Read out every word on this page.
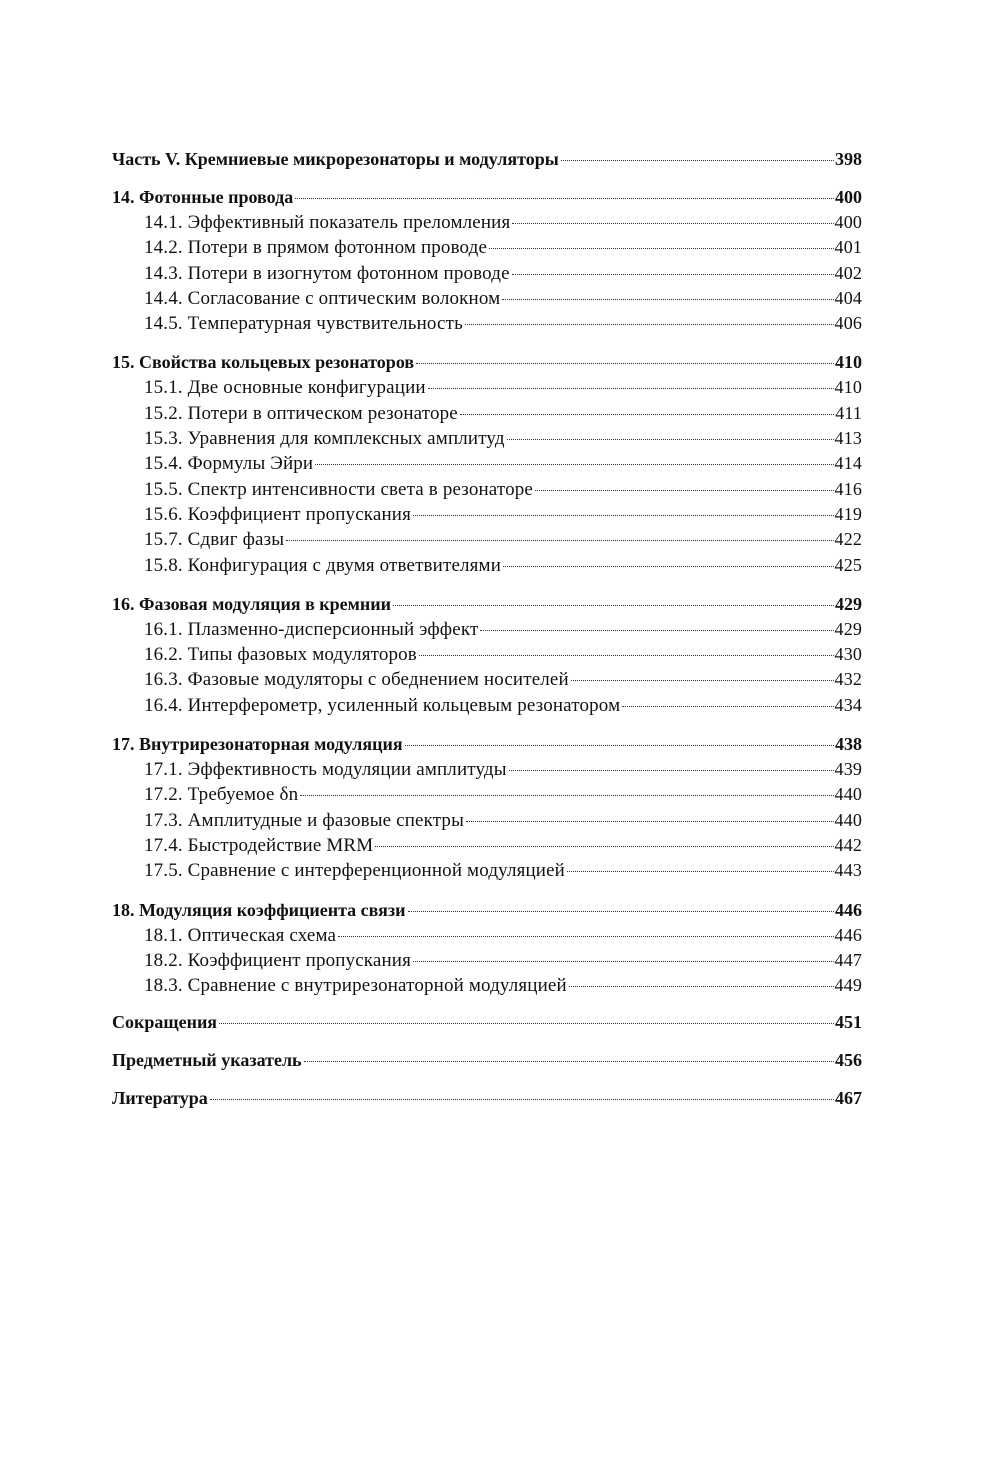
Часть V. Кремниевые микрорезонаторы и модуляторы	398
14. Фотонные провода	400
14.1. Эффективный показатель преломления	400
14.2. Потери в прямом фотонном проводе	401
14.3. Потери в изогнутом фотонном проводе	402
14.4. Согласование с оптическим волокном	404
14.5. Температурная чувствительность	406
15. Свойства кольцевых резонаторов	410
15.1. Две основные конфигурации	410
15.2. Потери в оптическом резонаторе	411
15.3. Уравнения для комплексных амплитуд	413
15.4. Формулы Эйри	414
15.5. Спектр интенсивности света в резонаторе	416
15.6. Коэффициент пропускания	419
15.7. Сдвиг фазы	422
15.8. Конфигурация с двумя ответвителями	425
16. Фазовая модуляция в кремнии	429
16.1. Плазменно-дисперсионный эффект	429
16.2. Типы фазовых модуляторов	430
16.3. Фазовые модуляторы с обеднением носителей	432
16.4. Интерферометр, усиленный кольцевым резонатором	434
17. Внутрирезонаторная модуляция	438
17.1. Эффективность модуляции амплитуды	439
17.2. Требуемое δn	440
17.3. Амплитудные и фазовые спектры	440
17.4. Быстродействие MRM	442
17.5. Сравнение с интерференционной модуляцией	443
18. Модуляция коэффициента связи	446
18.1. Оптическая схема	446
18.2. Коэффициент пропускания	447
18.3. Сравнение с внутрирезонаторной модуляцией	449
Сокращения	451
Предметный указатель	456
Литература	467
